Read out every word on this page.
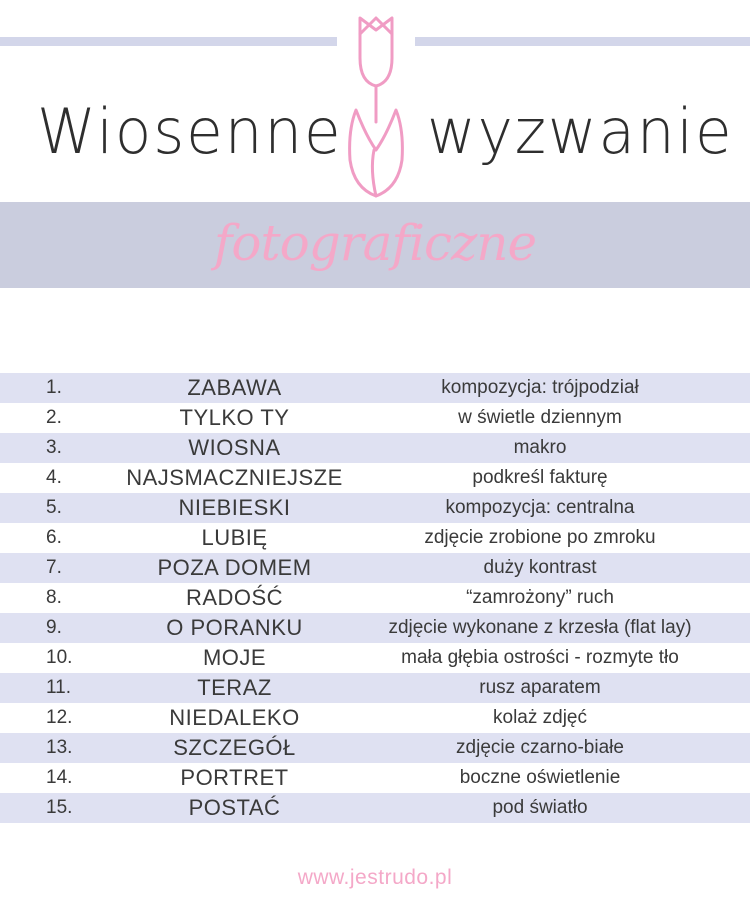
Wiosenne wyzwanie
fotograficzne
1.	ZABAWA	kompozycja: trójpodział
2.	TYLKO TY	w świetle dziennym
3.	WIOSNA	makro
4.	NAJSMACZNIEJSZE	podkreśl fakturę
5.	NIEBIESKI	kompozycja: centralna
6.	LUBIĘ	zdjęcie zrobione po zmroku
7.	POZA DOMEM	duży kontrast
8.	RADOŚĆ	“zamrożony” ruch
9.	O PORANKU	zdjęcie wykonane z krzesła (flat lay)
10.	MOJE	mała głębia ostrości - rozmyte tło
11.	TERAZ	rusz aparatem
12.	NIEDALEKO	kolaż zdjęć
13.	SZCZEGÓŁ	zdjęcie czarno-białe
14.	PORTRET	boczne oświetlenie
15.	POSTAĆ	pod światło
www.jestrudo.pl
